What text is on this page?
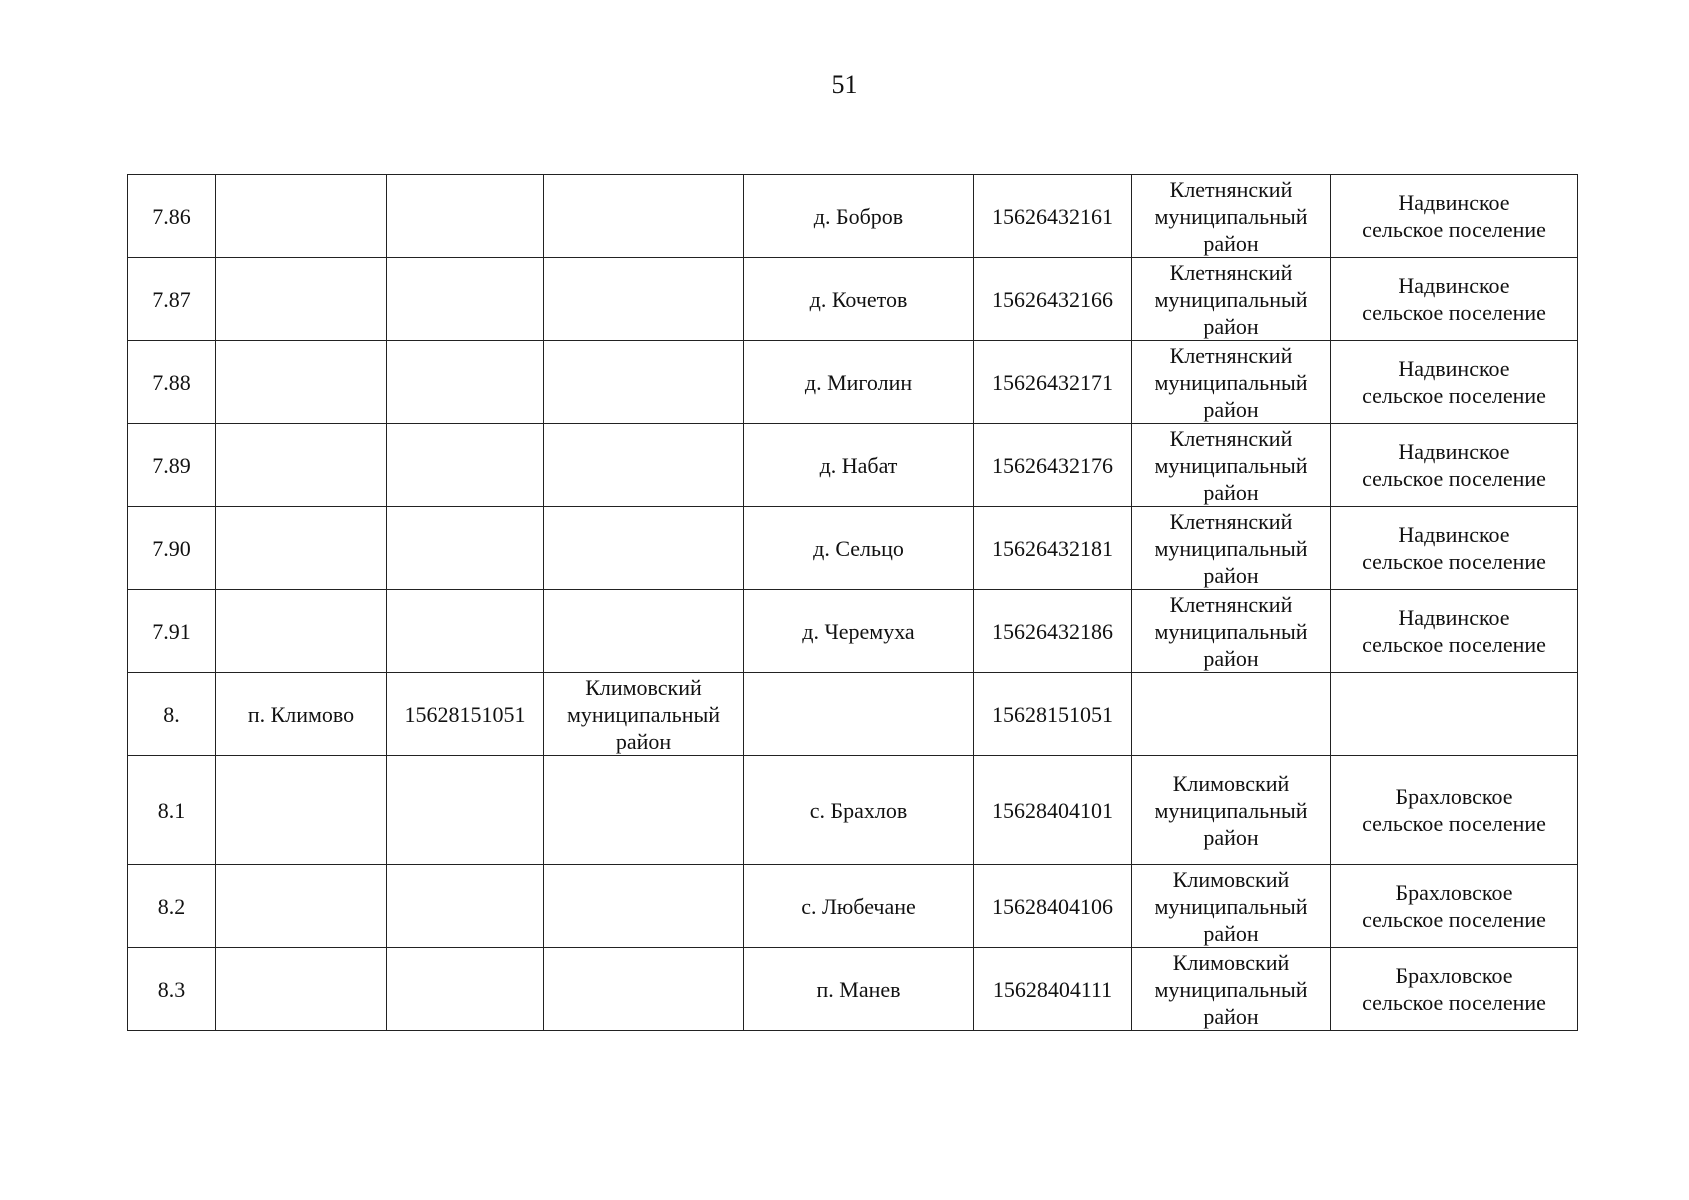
51
7.86				д. Бобров	15626432161	Клетнянский
муниципальный
район	Надвинское
сельское поселение

7.87				д. Кочетов	15626432166	Клетнянский
муниципальный
район	Надвинское
сельское поселение

7.88				д. Миголин	15626432171	Клетнянский
муниципальный
район	Надвинское
сельское поселение

7.89				д. Набат	15626432176	Клетнянский
муниципальный
район	Надвинское
сельское поселение

7.90				д. Сельцо	15626432181	Клетнянский
муниципальный
район	Надвинское
сельское поселение

7.91				д. Черемуха	15626432186	Клетнянский
муниципальный
район	Надвинское
сельское поселение

8.	п. Климово	15628151051	Климовский
муниципальный
район		15628151051		
8.1				с. Брахлов	15628404101	Климовский
муниципальный
район	Брахловское
сельское поселение

8.2				с. Любечане	15628404106	Климовский
муниципальный
район	Брахловское
сельское поселение

8.3				п. Манев	15628404111	Климовский
муниципальный
район	Брахловское
сельское поселение
